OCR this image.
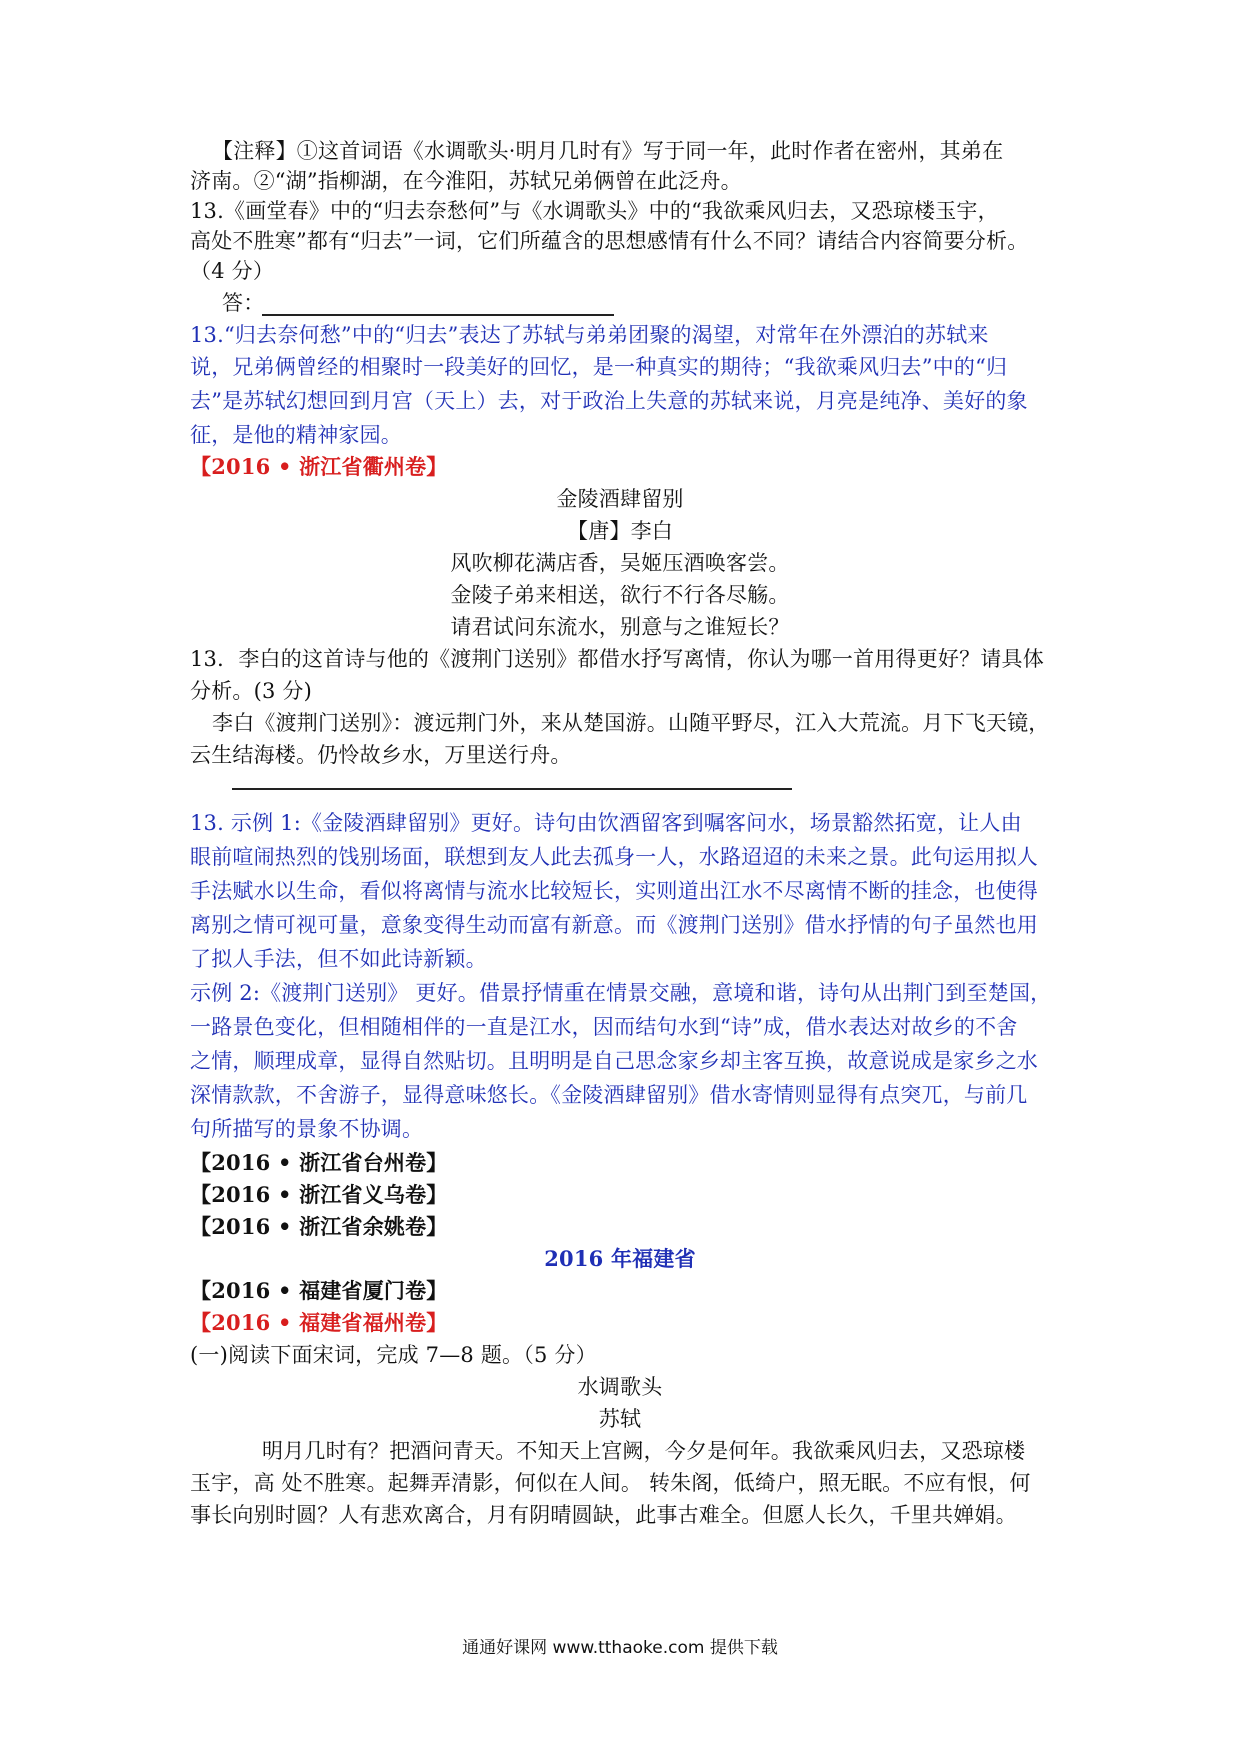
【注释】①这首词语《水调歌头·明月几时有》写于同一年，此时作者在密州，其弟在
济南。②“湖”指柳湖，在今淮阳，苏轼兄弟俩曾在此泛舟。
13.《画堂春》中的“归去奈愁何”与《水调歌头》中的“我欲乘风归去，又恐琼楼玉宇，
高处不胜寒”都有“归去”一词，它们所蕴含的思想感情有什么不同？请结合内容简要分析。
（4 分）
答：
13.“归去奈何愁”中的“归去”表达了苏轼与弟弟团聚的渴望，对常年在外漂泊的苏轼来
说，兄弟俩曾经的相聚时一段美好的回忆，是一种真实的期待；“我欲乘风归去”中的“归
去”是苏轼幻想回到月宫（天上）去，对于政治上失意的苏轼来说，月亮是纯净、美好的象
征，是他的精神家园。
【2016 • 浙江省衢州卷】
金陵酒肆留别
【唐】李白
风吹柳花满店香，吴姬压酒唤客尝。
金陵子弟来相送，欲行不行各尽觞。
请君试问东流水，别意与之谁短长？
13．李白的这首诗与他的《渡荆门送别》都借水抒写离情，你认为哪一首用得更好？请具体
分析。(3 分)
李白《渡荆门送别》：渡远荆门外，来从楚国游。山随平野尽，江入大荒流。月下飞天镜，
云生结海楼。仍怜故乡水，万里送行舟。
13. 示例 1:《金陵酒肆留别》更好。诗句由饮酒留客到嘱客问水，场景豁然拓宽，让人由
眼前喧闹热烈的饯别场面，联想到友人此去孤身一人，水路迢迢的未来之景。此句运用拟人
手法赋水以生命，看似将离情与流水比较短长，实则道出江水不尽离情不断的挂念，也使得
离别之情可视可量，意象变得生动而富有新意。而《渡荆门送别》借水抒情的句子虽然也用
了拟人手法，但不如此诗新颖。
示例 2:《渡荆门送别》 更好。借景抒情重在情景交融，意境和谐，诗句从出荆门到至楚国，
一路景色变化，但相随相伴的一直是江水，因而结句水到“诗”成，借水表达对故乡的不舍
之情，顺理成章，显得自然贴切。且明明是自己思念家乡却主客互换，故意说成是家乡之水
深情款款，不舍游子，显得意味悠长。《金陵酒肆留别》借水寄情则显得有点突兀，与前几
句所描写的景象不协调。
【2016 • 浙江省台州卷】
【2016 • 浙江省义乌卷】
【2016 • 浙江省余姚卷】
2016 年福建省
【2016 • 福建省厦门卷】
【2016 • 福建省福州卷】
(一)阅读下面宋词，完成 7—8 题。（5 分）
水调歌头
苏轼
明月几时有？把酒问青天。不知天上宫阙，今夕是何年。我欲乘风归去，又恐琼楼
玉宇，高 处不胜寒。起舞弄清影，何似在人间。 转朱阁，低绮户，照无眠。不应有恨，何
事长向别时圆？人有悲欢离合，月有阴晴圆缺，此事古难全。但愿人长久，千里共婵娟。
通通好课网 www.tthaoke.com 提供下载
